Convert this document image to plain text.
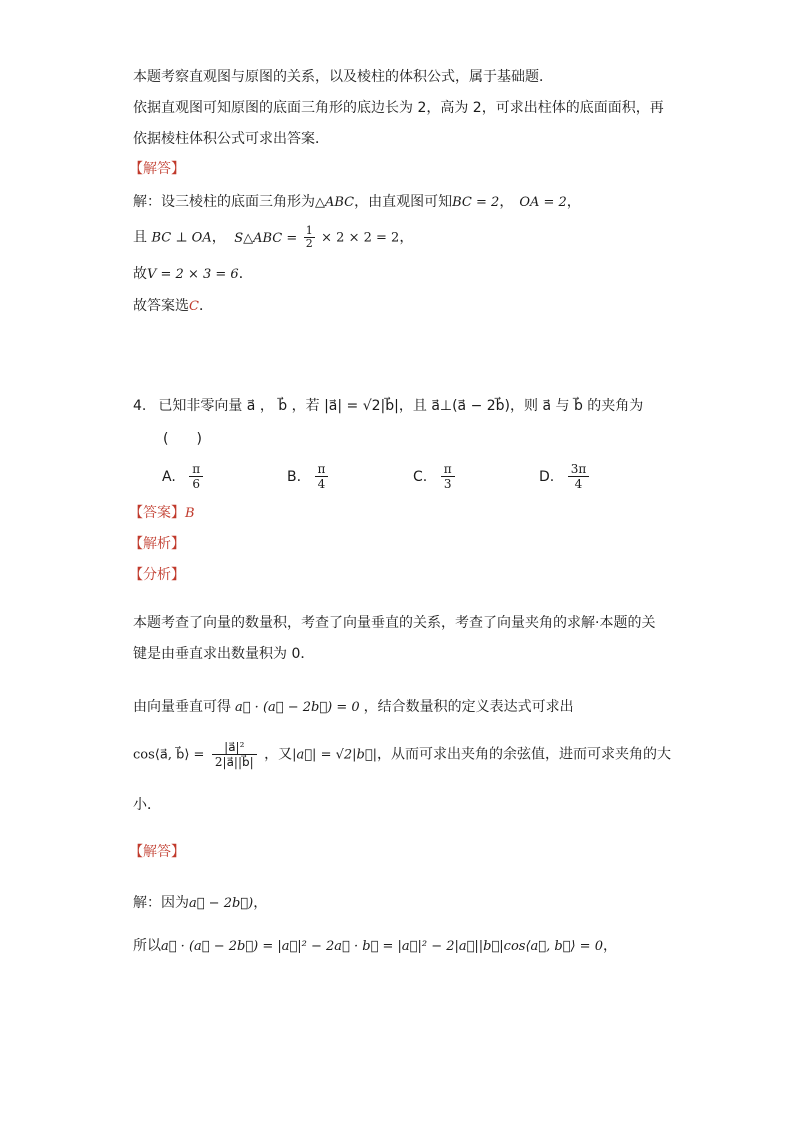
本题考察直观图与原图的关系，以及棱柱的体积公式，属于基础题．
依据直观图可知原图的底面三角形的底边长为 2，高为 2，可求出柱体的底面面积，再
依据棱柱体积公式可求出答案．
【解答】
解：设三棱柱的底面三角形为△ABC，由直观图可知BC = 2， OA = 2，
且 BC ⊥ OA， S△ABC = $\frac{1}{2} \times 2 \times 2 = 2$，
故V = 2 × 3 = 6．
故答案选C．
4. 已知非零向量 a⃗ ， b⃗ ，若 |a⃗| = √2|b⃗|，且 a⃗⊥(a⃗ − 2b⃗)，则 a⃗ 与 b⃗ 的夹角为
(　　)
A. $\frac{\pi}{6}$	B. $\frac{\pi}{4}$	C. $\frac{\pi}{3}$	D. $\frac{3\pi}{4}$
【答案】B
【解析】
【分析】
本题考查了向量的数量积，考查了向量垂直的关系，考查了向量夹角的求解·本题的关
键是由垂直求出数量积为 0．
由向量垂直可得 a⃗ · (a⃗ − 2b⃗) = 0 ，结合数量积的定义表达式可求出
cos⟨a⃗, b⃗⟩ = $\frac{\text{|a⃗|²}}{2|a⃗||b⃗|}$ ，又|a⃗| = √2|b⃗|，从而可求出夹角的余弦值，进而可求夹角的大
小．
【解答】
解：因为a⃗ − 2b⃗)，
所以a⃗ · (a⃗ − 2b⃗) = |a⃗|² − 2a⃗ · b⃗ = |a⃗|² − 2|a⃗||b⃗|cos⟨a⃗, b⃗⟩ = 0，
